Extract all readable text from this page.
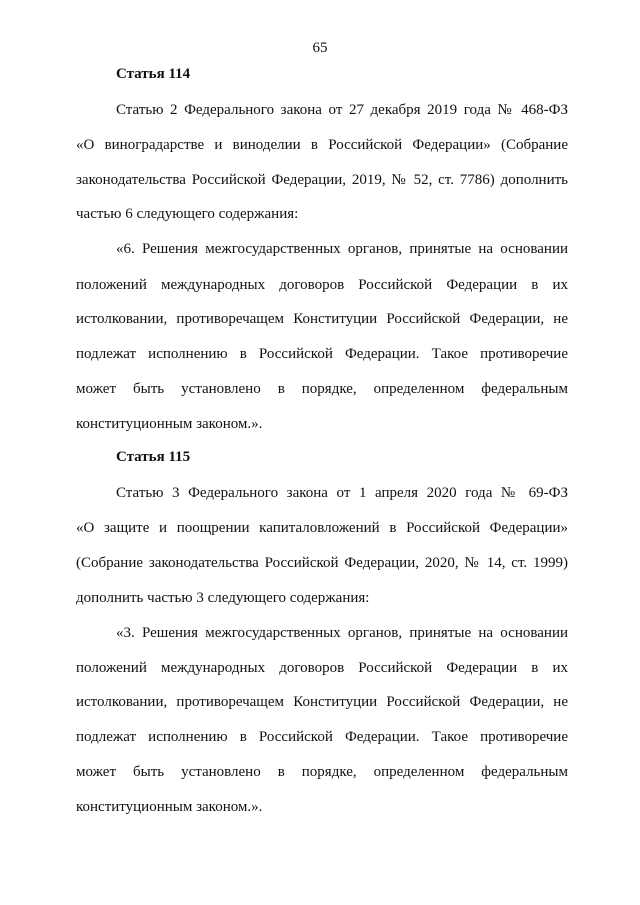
65
Статья 114
Статью 2 Федерального закона от 27 декабря 2019 года № 468-ФЗ
«О виноградарстве и виноделии в Российской Федерации» (Собрание
законодательства Российской Федерации, 2019, № 52, ст. 7786) дополнить
частью 6 следующего содержания:
«6. Решения межгосударственных органов, принятые на основании
положений международных договоров Российской Федерации в их
истолковании, противоречащем Конституции Российской Федерации, не
подлежат исполнению в Российской Федерации. Такое противоречие
может быть установлено в порядке, определенном федеральным
конституционным законом.».
Статья 115
Статью 3 Федерального закона от 1 апреля 2020 года № 69-ФЗ
«О защите и поощрении капиталовложений в Российской Федерации»
(Собрание законодательства Российской Федерации, 2020, № 14, ст. 1999)
дополнить частью 3 следующего содержания:
«3. Решения межгосударственных органов, принятые на основании
положений международных договоров Российской Федерации в их
истолковании, противоречащем Конституции Российской Федерации, не
подлежат исполнению в Российской Федерации. Такое противоречие
может быть установлено в порядке, определенном федеральным
конституционным законом.».
